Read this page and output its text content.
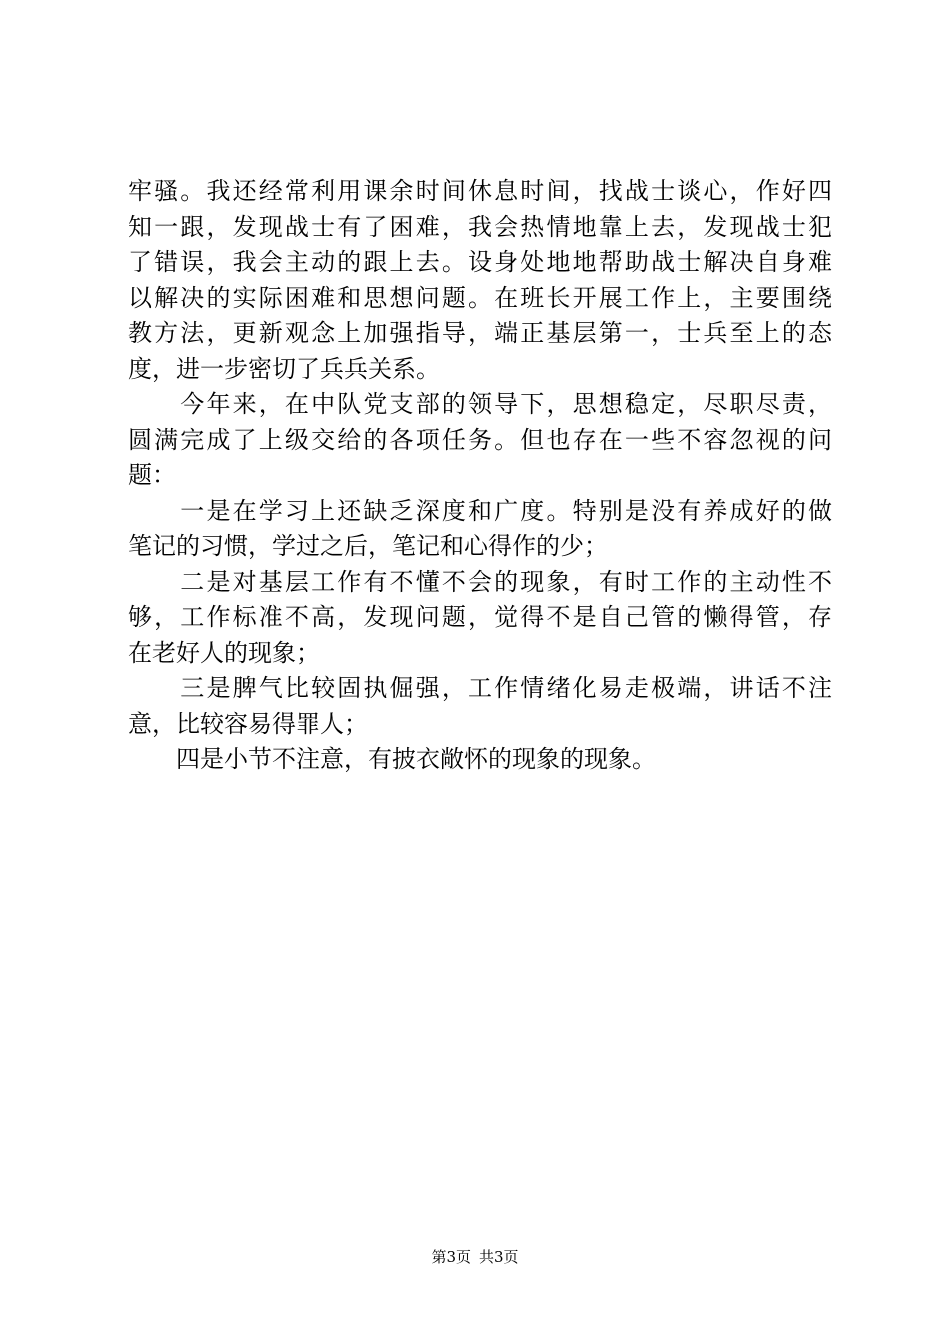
牢骚。我还经常利用课余时间休息时间，找战士谈心，作好四
知一跟，发现战士有了困难，我会热情地靠上去，发现战士犯
了错误，我会主动的跟上去。设身处地地帮助战士解决自身难
以解决的实际困难和思想问题。在班长开展工作上，主要围绕
教方法，更新观念上加强指导，端正基层第一，士兵至上的态
度，进一步密切了兵兵关系。
　　今年来，在中队党支部的领导下，思想稳定，尽职尽责，
圆满完成了上级交给的各项任务。但也存在一些不容忽视的问
题：
　　一是在学习上还缺乏深度和广度。特别是没有养成好的做
笔记的习惯，学过之后，笔记和心得作的少；
　　二是对基层工作有不懂不会的现象，有时工作的主动性不
够，工作标准不高，发现问题，觉得不是自己管的懒得管，存
在老好人的现象；
　　三是脾气比较固执倔强，工作情绪化易走极端，讲话不注
意，比较容易得罪人；
　　四是小节不注意，有披衣敞怀的现象的现象。
第3页 共3页
